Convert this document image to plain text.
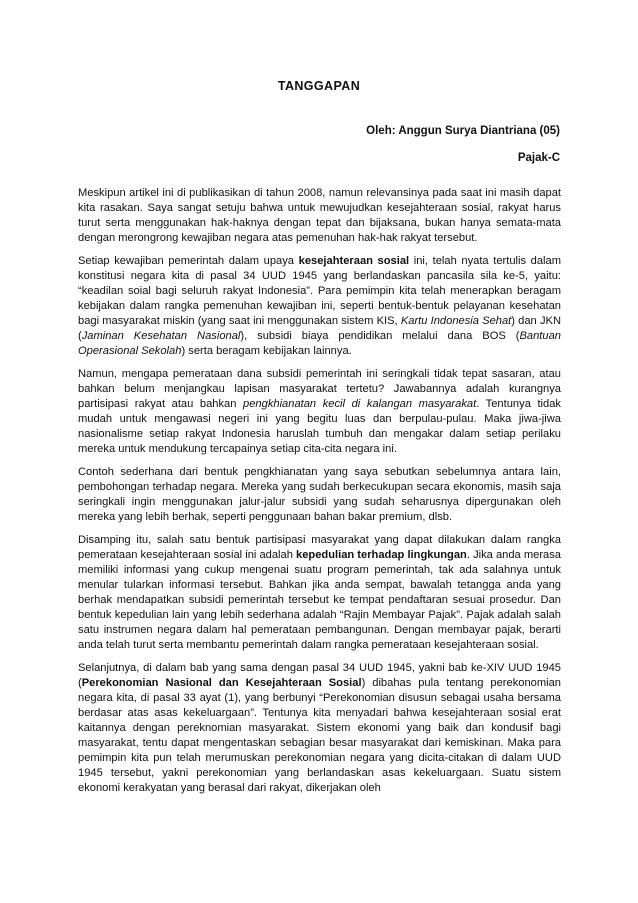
TANGGAPAN
Oleh: Anggun Surya Diantriana (05)
Pajak-C

Meskipun artikel ini di publikasikan di tahun 2008, namun relevansinya pada saat ini masih dapat kita rasakan. Saya sangat setuju bahwa untuk mewujudkan kesejahteraan sosial, rakyat harus turut serta menggunakan hak-haknya dengan tepat dan bijaksana, bukan hanya semata-mata dengan merongrong kewajiban negara atas pemenuhan hak-hak rakyat tersebut.

Setiap kewajiban pemerintah dalam upaya kesejahteraan sosial ini, telah nyata tertulis dalam konstitusi negara kita di pasal 34 UUD 1945 yang berlandaskan pancasila sila ke-5, yaitu: “keadilan soial bagi seluruh rakyat Indonesia”. Para pemimpin kita telah menerapkan beragam kebijakan dalam rangka pemenuhan kewajiban ini, seperti bentuk-bentuk pelayanan kesehatan bagi masyarakat miskin (yang saat ini menggunakan sistem KIS, Kartu Indonesia Sehat) dan JKN (Jaminan Kesehatan Nasional), subsidi biaya pendidikan melalui dana BOS (Bantuan Operasional Sekolah) serta beragam kebijakan lainnya.

Namun, mengapa pemerataan dana subsidi pemerintah ini seringkali tidak tepat sasaran, atau bahkan belum menjangkau lapisan masyarakat tertetu? Jawabannya adalah kurangnya partisipasi rakyat atau bahkan pengkhianatan kecil di kalangan masyarakat. Tentunya tidak mudah untuk mengawasi negeri ini yang begitu luas dan berpulau-pulau. Maka jiwa-jiwa nasionalisme setiap rakyat Indonesia haruslah tumbuh dan mengakar dalam setiap perilaku mereka untuk mendukung tercapainya setiap cita-cita negara ini.

Contoh sederhana dari bentuk pengkhianatan yang saya sebutkan sebelumnya antara lain, pembohongan terhadap negara. Mereka yang sudah berkecukupan secara ekonomis, masih saja seringkali ingin menggunakan jalur-jalur subsidi yang sudah seharusnya dipergunakan oleh mereka yang lebih berhak, seperti penggunaan bahan bakar premium, dlsb.

Disamping itu, salah satu bentuk partisipasi masyarakat yang dapat dilakukan dalam rangka pemerataan kesejahteraan sosial ini adalah kepedulian terhadap lingkungan. Jika anda merasa memiliki informasi yang cukup mengenai suatu program pemerintah, tak ada salahnya untuk menular tularkan informasi tersebut. Bahkan jika anda sempat, bawalah tetangga anda yang berhak mendapatkan subsidi pemerintah tersebut ke tempat pendaftaran sesuai prosedur. Dan bentuk kepedulian lain yang lebih sederhana adalah “Rajin Membayar Pajak”. Pajak adalah salah satu instrumen negara dalam hal pemerataan pembangunan. Dengan membayar pajak, berarti anda telah turut serta membantu pemerintah dalam rangka pemerataan kesejahteraan sosial.

Selanjutnya, di dalam bab yang sama dengan pasal 34 UUD 1945, yakni bab ke-XIV UUD 1945 (Perekonomian Nasional dan Kesejahteraan Sosial) dibahas pula tentang perekonomian negara kita, di pasal 33 ayat (1), yang berbunyi “Perekonomian disusun sebagai usaha bersama berdasar atas asas kekeluargaan”. Tentunya kita menyadari bahwa kesejahteraan sosial erat kaitannya dengan pereknomian masyarakat. Sistem ekonomi yang baik dan kondusif bagi masyarakat, tentu dapat mengentaskan sebagian besar masyarakat dari kemiskinan. Maka para pemimpin kita pun telah merumuskan perekonomian negara yang dicita-citakan di dalam UUD 1945 tersebut, yakni perekonomian yang berlandaskan asas kekeluargaan. Suatu sistem ekonomi kerakyatan yang berasal dari rakyat, dikerjakan oleh
